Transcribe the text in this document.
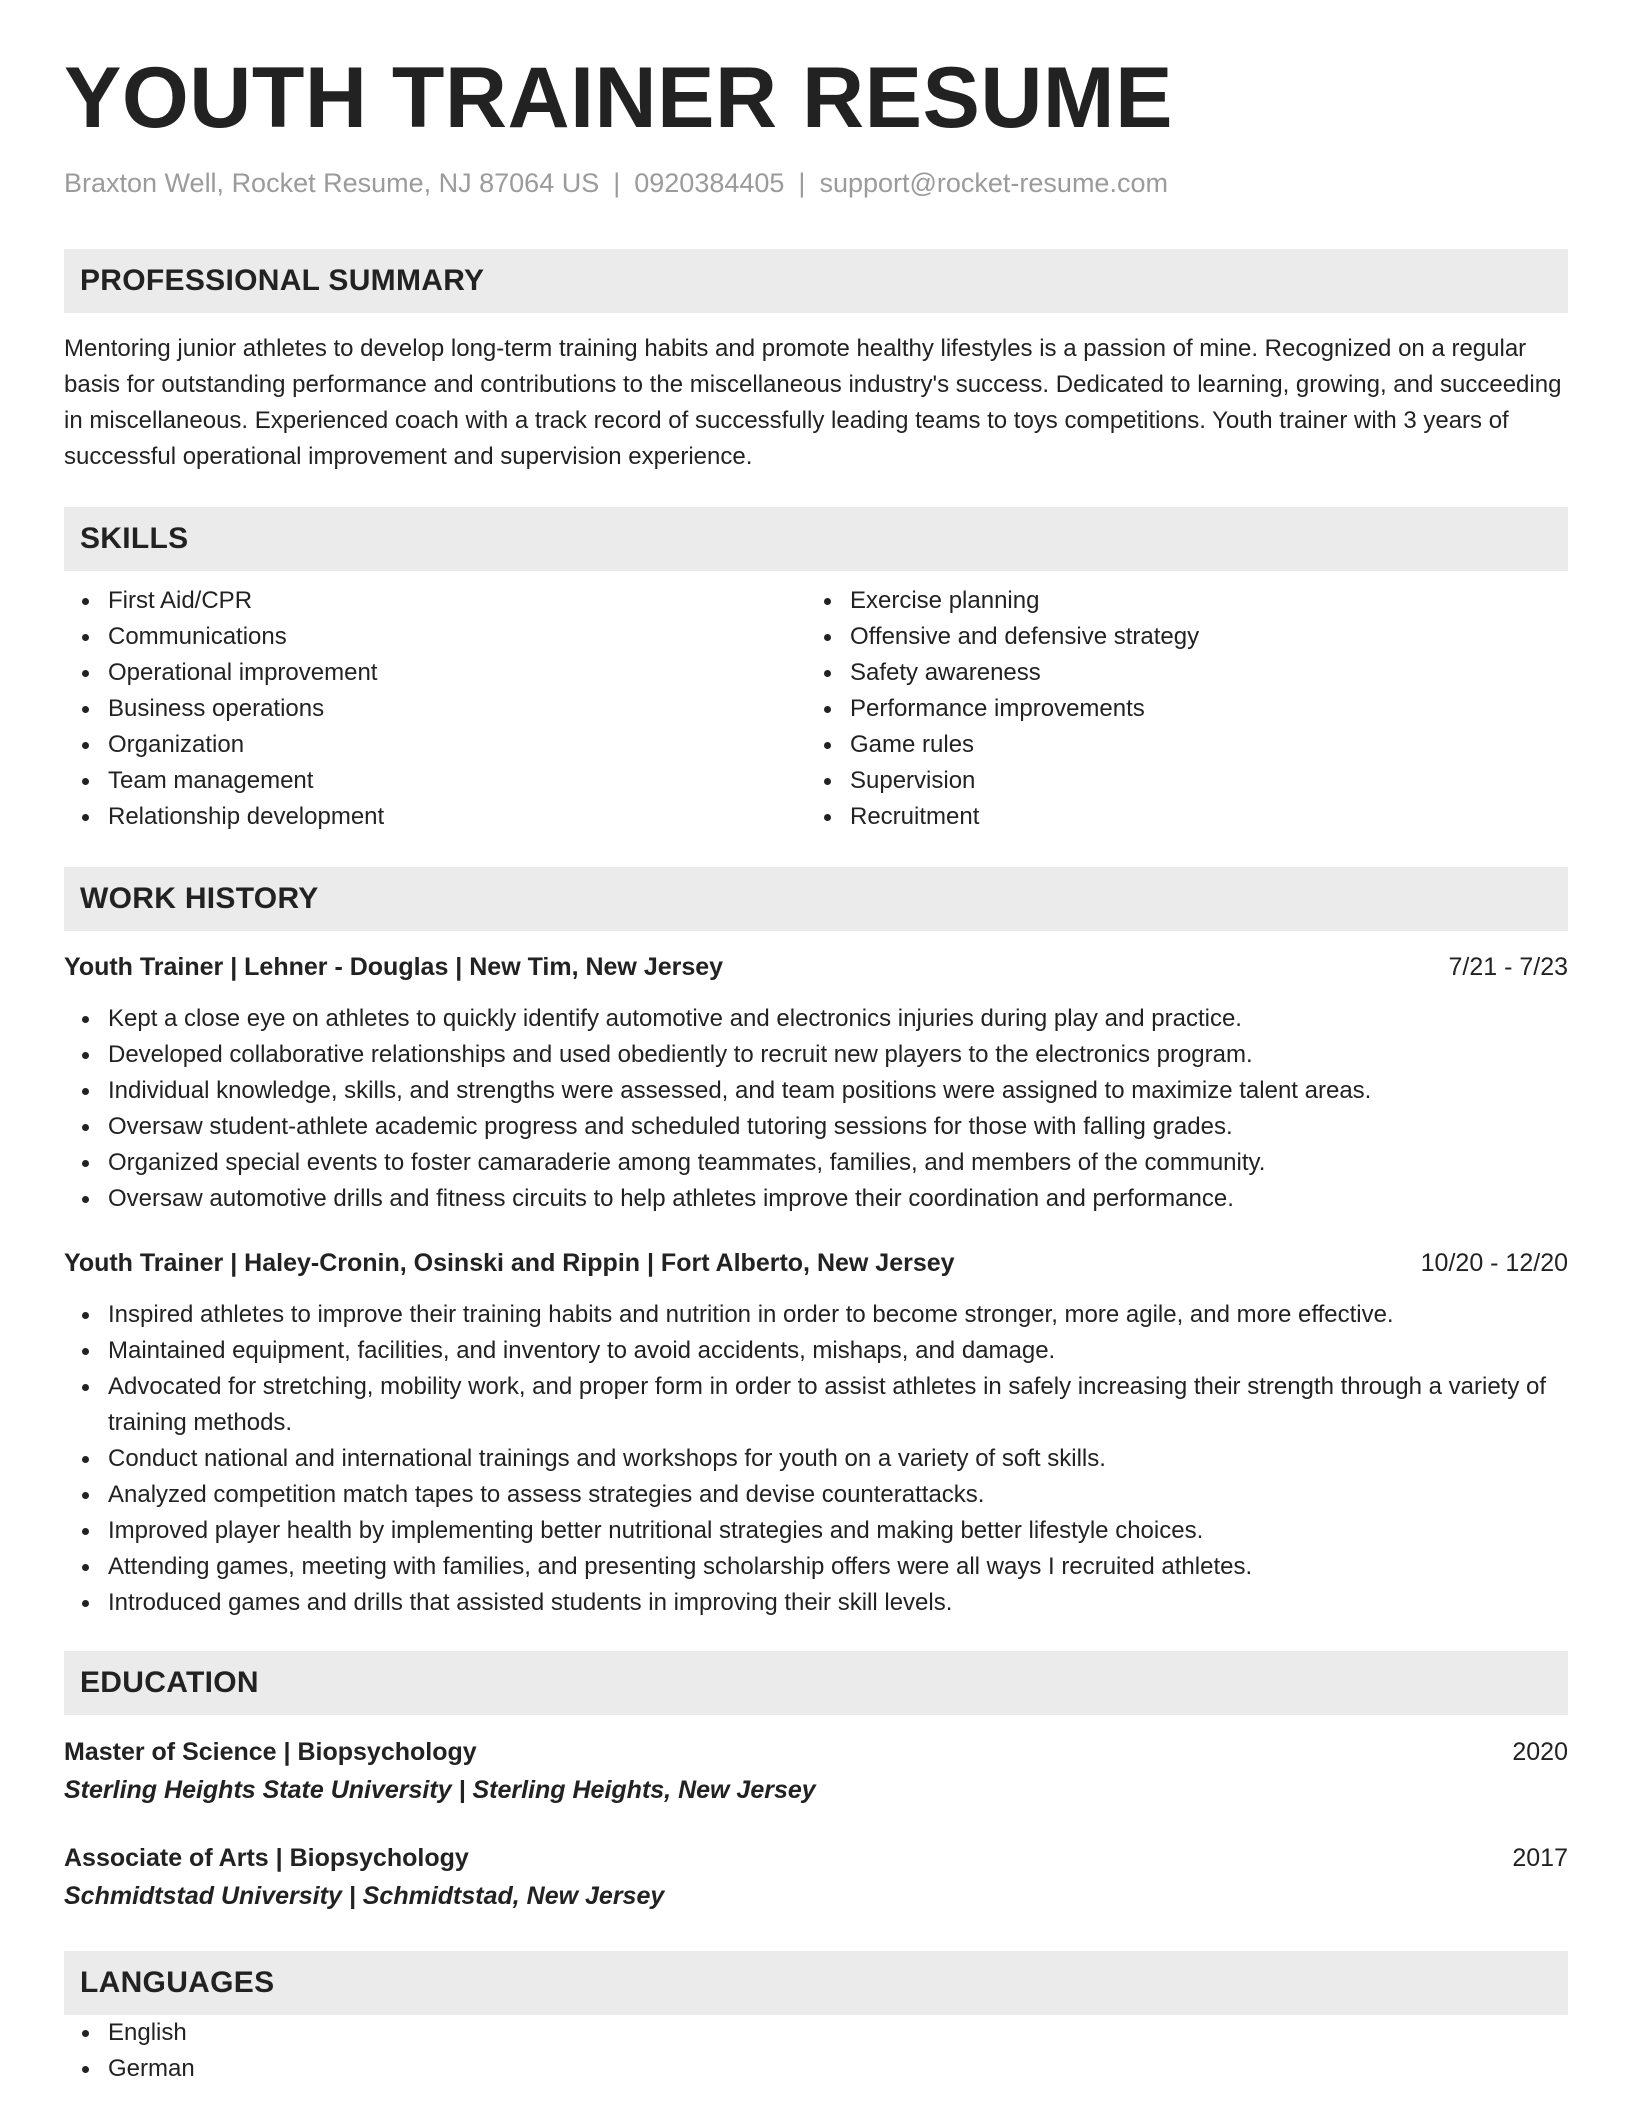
YOUTH TRAINER RESUME
Braxton Well, Rocket Resume, NJ 87064 US | 0920384405 | support@rocket-resume.com
PROFESSIONAL SUMMARY

Mentoring junior athletes to develop long-term training habits and promote healthy lifestyles is a passion of mine. Recognized on a regular basis for outstanding performance and contributions to the miscellaneous industry's success. Dedicated to learning, growing, and succeeding in miscellaneous. Experienced coach with a track record of successfully leading teams to toys competitions. Youth trainer with 3 years of successful operational improvement and supervision experience.

SKILLS
First Aid/CPR
Communications
Operational improvement
Business operations
Organization
Team management
Relationship development
Exercise planning
Offensive and defensive strategy
Safety awareness
Performance improvements
Game rules
Supervision
Recruitment
WORK HISTORY
Youth Trainer | Lehner - Douglas | New Tim, New Jersey	7/21 - 7/23
Kept a close eye on athletes to quickly identify automotive and electronics injuries during play and practice.
Developed collaborative relationships and used obediently to recruit new players to the electronics program.
Individual knowledge, skills, and strengths were assessed, and team positions were assigned to maximize talent areas.
Oversaw student-athlete academic progress and scheduled tutoring sessions for those with falling grades.
Organized special events to foster camaraderie among teammates, families, and members of the community.
Oversaw automotive drills and fitness circuits to help athletes improve their coordination and performance.
Youth Trainer | Haley-Cronin, Osinski and Rippin | Fort Alberto, New Jersey	10/20 - 12/20
Inspired athletes to improve their training habits and nutrition in order to become stronger, more agile, and more effective.
Maintained equipment, facilities, and inventory to avoid accidents, mishaps, and damage.
Advocated for stretching, mobility work, and proper form in order to assist athletes in safely increasing their strength through a variety of training methods.
Conduct national and international trainings and workshops for youth on a variety of soft skills.
Analyzed competition match tapes to assess strategies and devise counterattacks.
Improved player health by implementing better nutritional strategies and making better lifestyle choices.
Attending games, meeting with families, and presenting scholarship offers were all ways I recruited athletes.
Introduced games and drills that assisted students in improving their skill levels.
EDUCATION
Master of Science | Biopsychology	2020
Sterling Heights State University | Sterling Heights, New Jersey
Associate of Arts | Biopsychology	2017
Schmidtstad University | Schmidtstad, New Jersey
LANGUAGES
English
German
